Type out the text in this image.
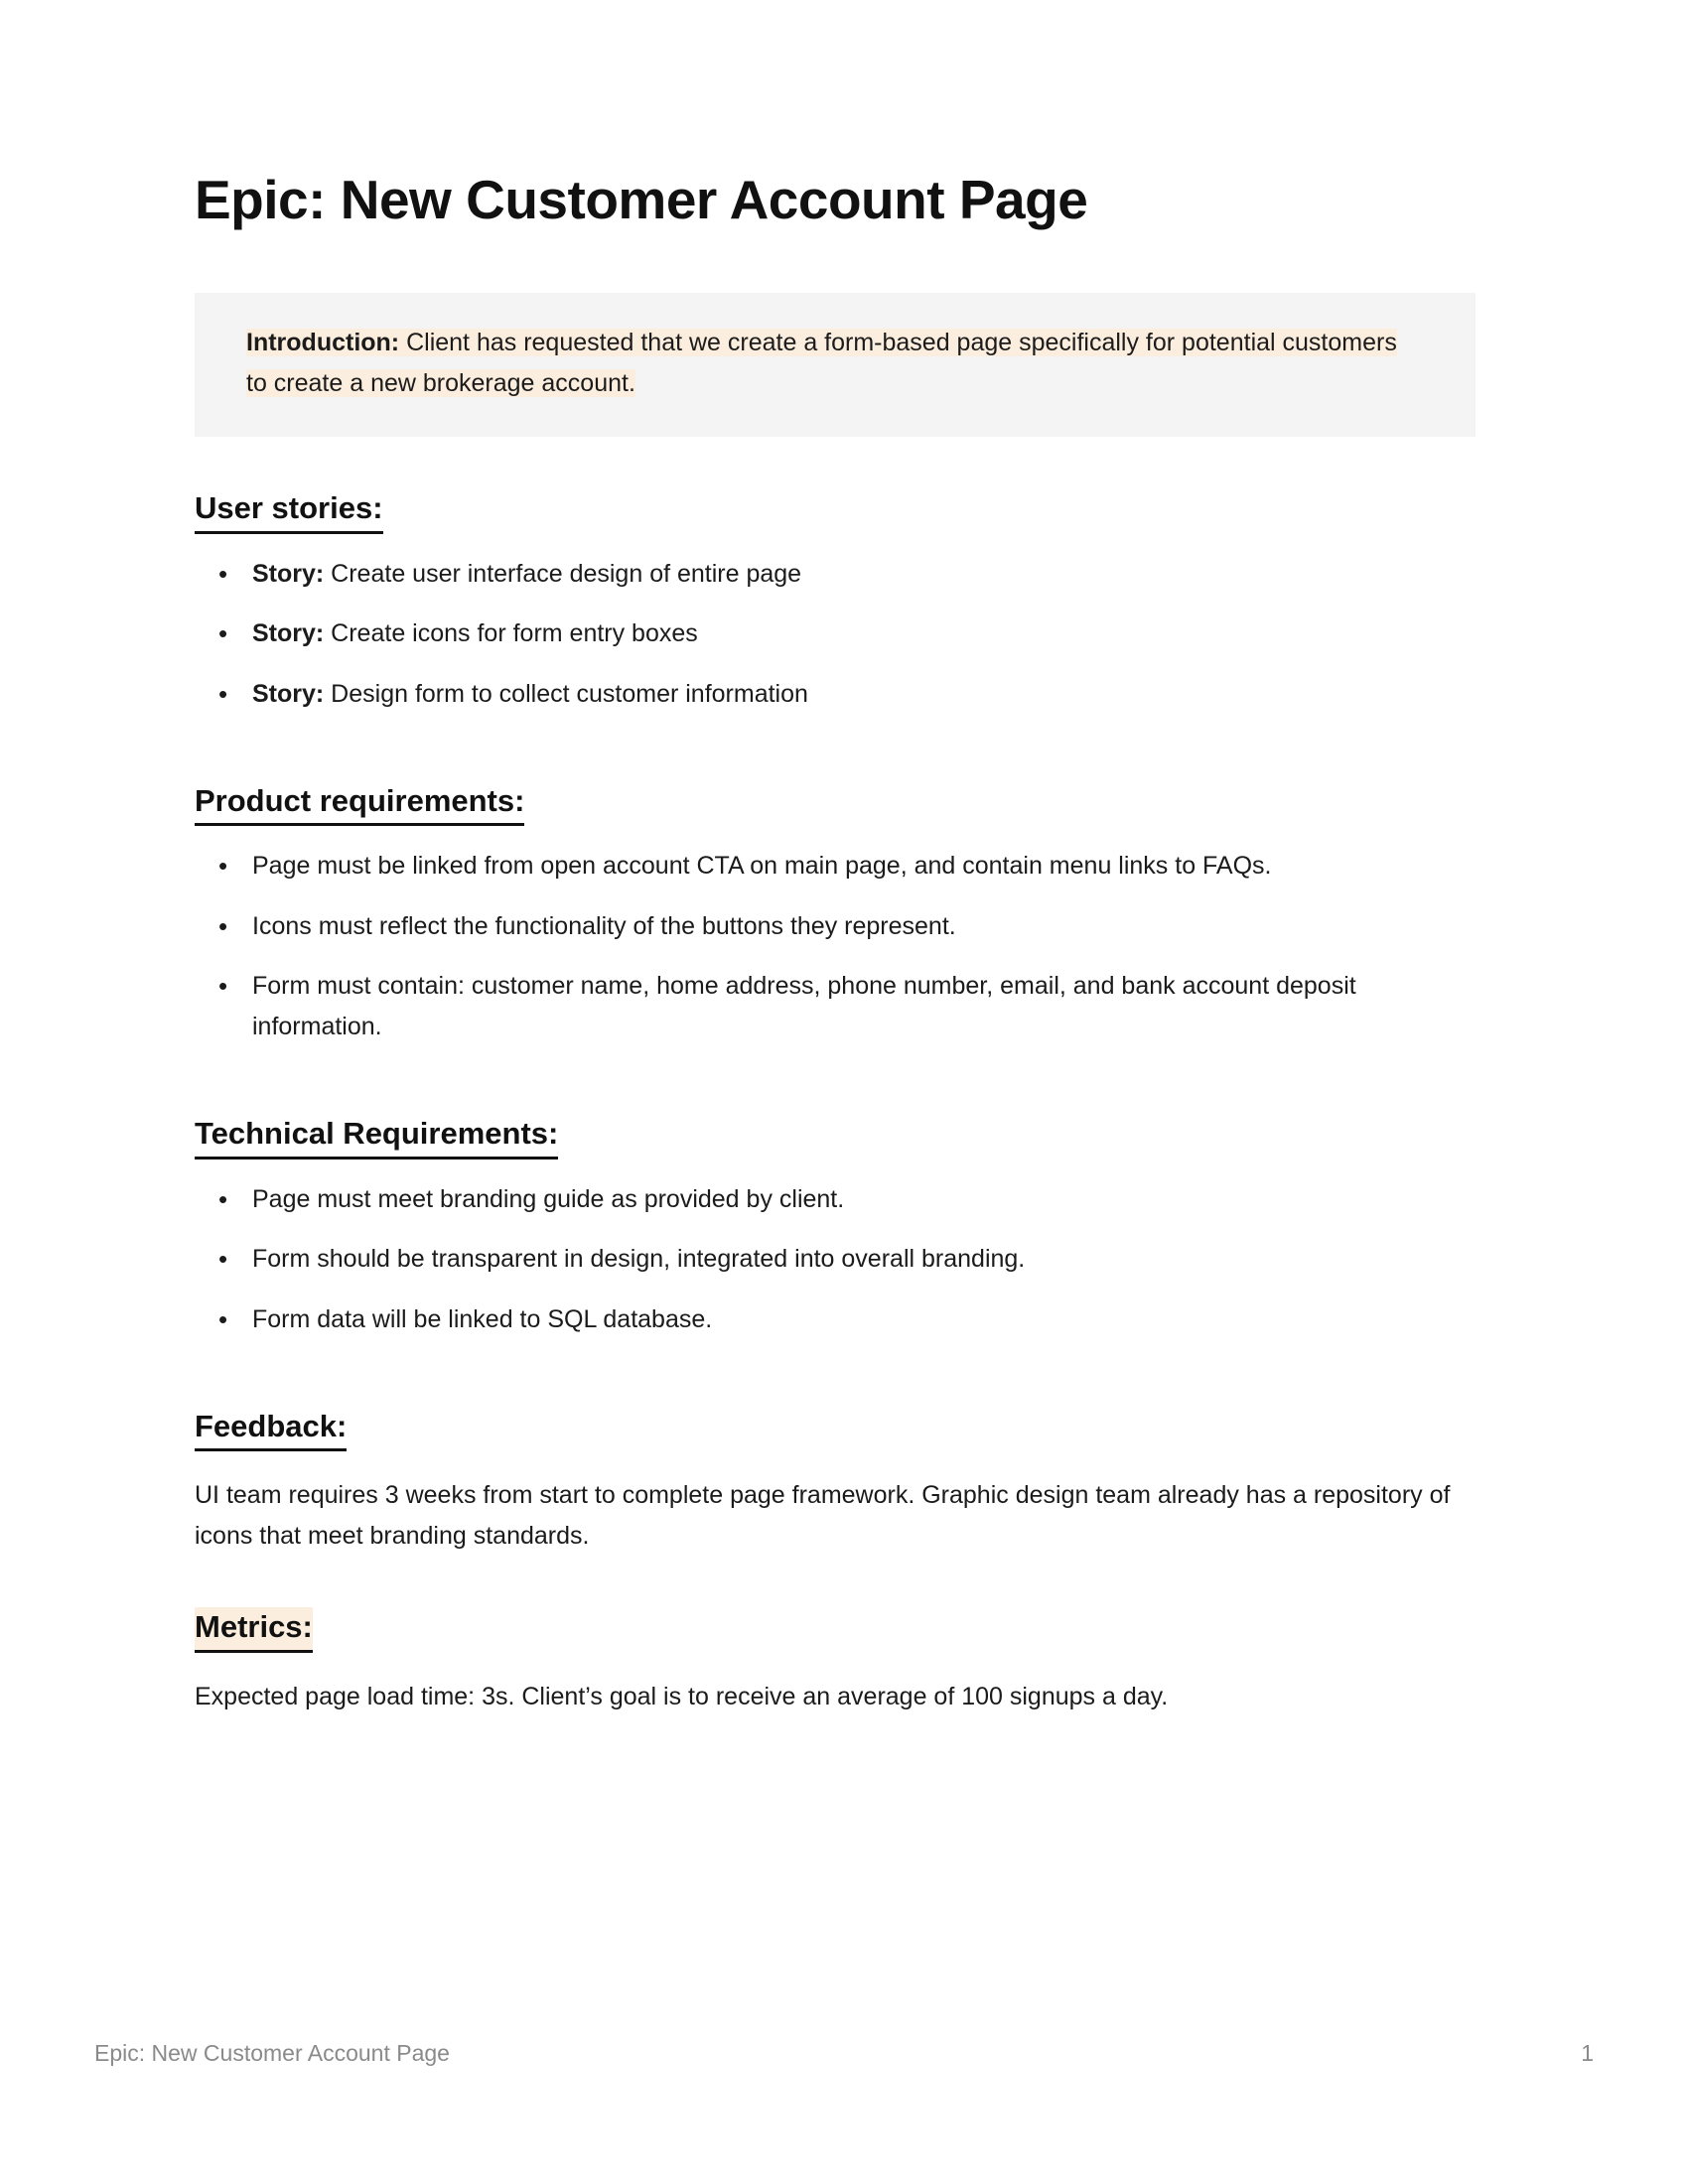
Epic: New Customer Account Page
Introduction: Client has requested that we create a form-based page specifically for potential customers to create a new brokerage account.
User stories:
• Story: Create user interface design of entire page
• Story: Create icons for form entry boxes
• Story: Design form to collect customer information
Product requirements:
• Page must be linked from open account CTA on main page, and contain menu links to FAQs.
• Icons must reflect the functionality of the buttons they represent.
• Form must contain: customer name, home address, phone number, email, and bank account deposit information.
Technical Requirements:
• Page must meet branding guide as provided by client.
• Form should be transparent in design, integrated into overall branding.
• Form data will be linked to SQL database.
Feedback:

UI team requires 3 weeks from start to complete page framework. Graphic design team already has a repository of icons that meet branding standards.

Metrics:

Expected page load time: 3s. Client’s goal is to receive an average of 100 signups a day.

Epic: New Customer Account Page	1
